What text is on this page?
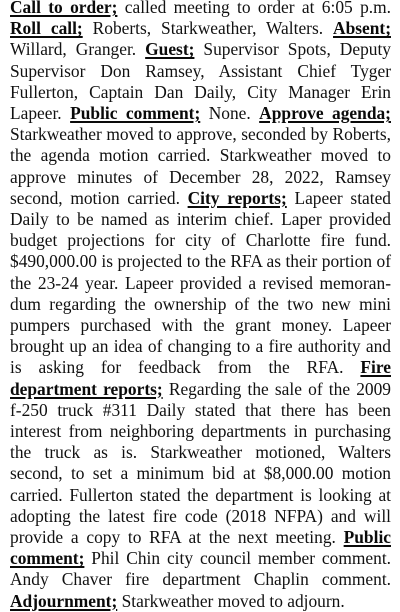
Call to order; called meeting to order at 6:05 p.m. Roll call; Roberts, Starkweather, Walters. Absent; Willard, Granger. Guest; Supervisor Spots, Deputy Supervisor Don Ramsey, Assistant Chief Tyger Fullerton, Captain Dan Daily, City Manager Erin Lapeer. Public comment; None. Approve agenda; Starkweather moved to approve, seconded by Roberts, the agenda motion carried. Starkweather moved to approve minutes of December 28, 2022, Ramsey second, motion carried. City reports; Lapeer stated Daily to be named as interim chief. Laper provided budget projections for city of Charlotte fire fund. $490,000.00 is projected to the RFA as their portion of the 23-24 year. Lapeer provided a revised memorandum regarding the ownership of the two new mini pumpers purchased with the grant money. Lapeer brought up an idea of changing to a fire authority and is asking for feedback from the RFA. Fire department reports; Regarding the sale of the 2009 f-250 truck #311 Daily stated that there has been interest from neighboring departments in purchasing the truck as is. Starkweather motioned, Walters second, to set a minimum bid at $8,000.00 motion carried. Fullerton stated the department is looking at adopting the latest fire code (2018 NFPA) and will provide a copy to RFA at the next meeting. Public comment; Phil Chin city council member comment. Andy Chaver fire department Chaplin comment. Adjournment; Starkweather moved to adjourn.
